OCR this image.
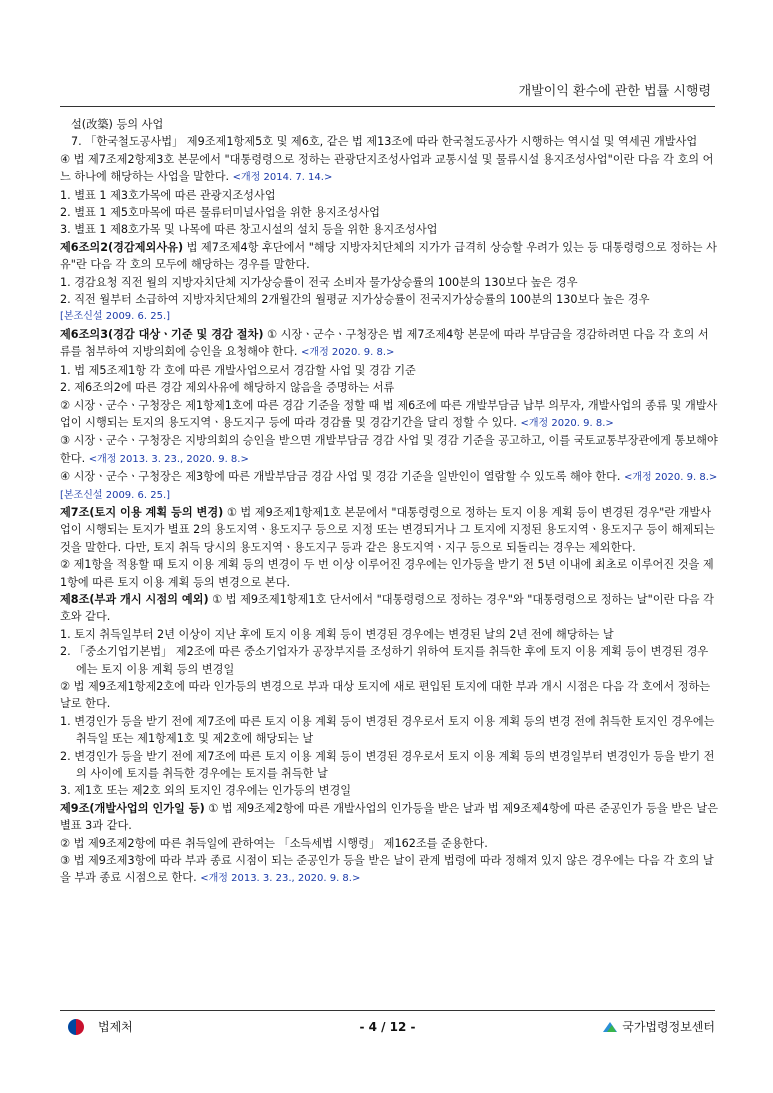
개발이익 환수에 관한 법률 시행령

설(改築) 등의 사업

7. 「한국철도공사법」 제9조제1항제5호 및 제6호, 같은 법 제13조에 따라 한국철도공사가 시행하는 역시설 및 역세권 개발사업

④ 법 제7조제2항제3호 본문에서 "대통령령으로 정하는 관광단지조성사업과 교통시설 및 물류시설 용지조성사업"이란 다음 각 호의 어느 하나에 해당하는 사업을 말한다. <개정 2014. 7. 14.>

1. 별표 1 제3호가목에 따른 관광지조성사업

2. 별표 1 제5호마목에 따른 물류터미널사업을 위한 용지조성사업

3. 별표 1 제8호가목 및 나목에 따른 창고시설의 설치 등을 위한 용지조성사업

제6조의2(경감제외사유) 법 제7조제4항 후단에서 "해당 지방자치단체의 지가가 급격히 상승할 우려가 있는 등 대통령령으로 정하는 사유"란 다음 각 호의 모두에 해당하는 경우를 말한다.

1. 경감요청 직전 월의 지방자치단체 지가상승률이 전국 소비자 물가상승률의 100분의 130보다 높은 경우

2. 직전 월부터 소급하여 지방자치단체의 2개월간의 월평균 지가상승률이 전국지가상승률의 100분의 130보다 높은 경우

[본조신설 2009. 6. 25.]

제6조의3(경감 대상ㆍ기준 및 경감 절차) ① 시장ㆍ군수ㆍ구청장은 법 제7조제4항 본문에 따라 부담금을 경감하려면 다음 각 호의 서류를 첨부하여 지방의회에 승인을 요청해야 한다. <개정 2020. 9. 8.>

1. 법 제5조제1항 각 호에 따른 개발사업으로서 경감할 사업 및 경감 기준

2. 제6조의2에 따른 경감 제외사유에 해당하지 않음을 증명하는 서류

② 시장ㆍ군수ㆍ구청장은 제1항제1호에 따른 경감 기준을 정할 때 법 제6조에 따른 개발부담금 납부 의무자, 개발사업의 종류 및 개발사업이 시행되는 토지의 용도지역ㆍ용도지구 등에 따라 경감률 및 경감기간을 달리 정할 수 있다. <개정 2020. 9. 8.>

③ 시장ㆍ군수ㆍ구청장은 지방의회의 승인을 받으면 개발부담금 경감 사업 및 경감 기준을 공고하고, 이를 국토교통부장관에게 통보해야 한다. <개정 2013. 3. 23., 2020. 9. 8.>

④ 시장ㆍ군수ㆍ구청장은 제3항에 따른 개발부담금 경감 사업 및 경감 기준을 일반인이 열람할 수 있도록 해야 한다. <개정 2020. 9. 8.>

[본조신설 2009. 6. 25.]

제7조(토지 이용 계획 등의 변경) ① 법 제9조제1항제1호 본문에서 "대통령령으로 정하는 토지 이용 계획 등이 변경된 경우"란 개발사업이 시행되는 토지가 별표 2의 용도지역ㆍ용도지구 등으로 지정 또는 변경되거나 그 토지에 지정된 용도지역ㆍ용도지구 등이 해제되는 것을 말한다. 다만, 토지 취득 당시의 용도지역ㆍ용도지구 등과 같은 용도지역ㆍ지구 등으로 되돌리는 경우는 제외한다.

② 제1항을 적용할 때 토지 이용 계획 등의 변경이 두 번 이상 이루어진 경우에는 인가등을 받기 전 5년 이내에 최초로 이루어진 것을 제1항에 따른 토지 이용 계획 등의 변경으로 본다.

제8조(부과 개시 시점의 예외) ① 법 제9조제1항제1호 단서에서 "대통령령으로 정하는 경우"와 "대통령령으로 정하는 날"이란 다음 각 호와 같다.

1. 토지 취득일부터 2년 이상이 지난 후에 토지 이용 계획 등이 변경된 경우에는 변경된 날의 2년 전에 해당하는 날

2. 「중소기업기본법」 제2조에 따른 중소기업자가 공장부지를 조성하기 위하여 토지를 취득한 후에 토지 이용 계획 등이 변경된 경우에는 토지 이용 계획 등의 변경일

② 법 제9조제1항제2호에 따라 인가등의 변경으로 부과 대상 토지에 새로 편입된 토지에 대한 부과 개시 시점은 다음 각 호에서 정하는 날로 한다.

1. 변경인가 등을 받기 전에 제7조에 따른 토지 이용 계획 등이 변경된 경우로서 토지 이용 계획 등의 변경 전에 취득한 토지인 경우에는 취득일 또는 제1항제1호 및 제2호에 해당되는 날

2. 변경인가 등을 받기 전에 제7조에 따른 토지 이용 계획 등이 변경된 경우로서 토지 이용 계획 등의 변경일부터 변경인가 등을 받기 전의 사이에 토지를 취득한 경우에는 토지를 취득한 날

3. 제1호 또는 제2호 외의 토지인 경우에는 인가등의 변경일

제9조(개발사업의 인가일 등) ① 법 제9조제2항에 따른 개발사업의 인가등을 받은 날과 법 제9조제4항에 따른 준공인가 등을 받은 날은 별표 3과 같다.

② 법 제9조제2항에 따른 취득일에 관하여는 「소득세법 시행령」 제162조를 준용한다.

③ 법 제9조제3항에 따라 부과 종료 시점이 되는 준공인가 등을 받은 날이 관계 법령에 따라 정해져 있지 않은 경우에는 다음 각 호의 날을 부과 종료 시점으로 한다. <개정 2013. 3. 23., 2020. 9. 8.>

법제처	- 4 / 12 -	국가법령정보센터
